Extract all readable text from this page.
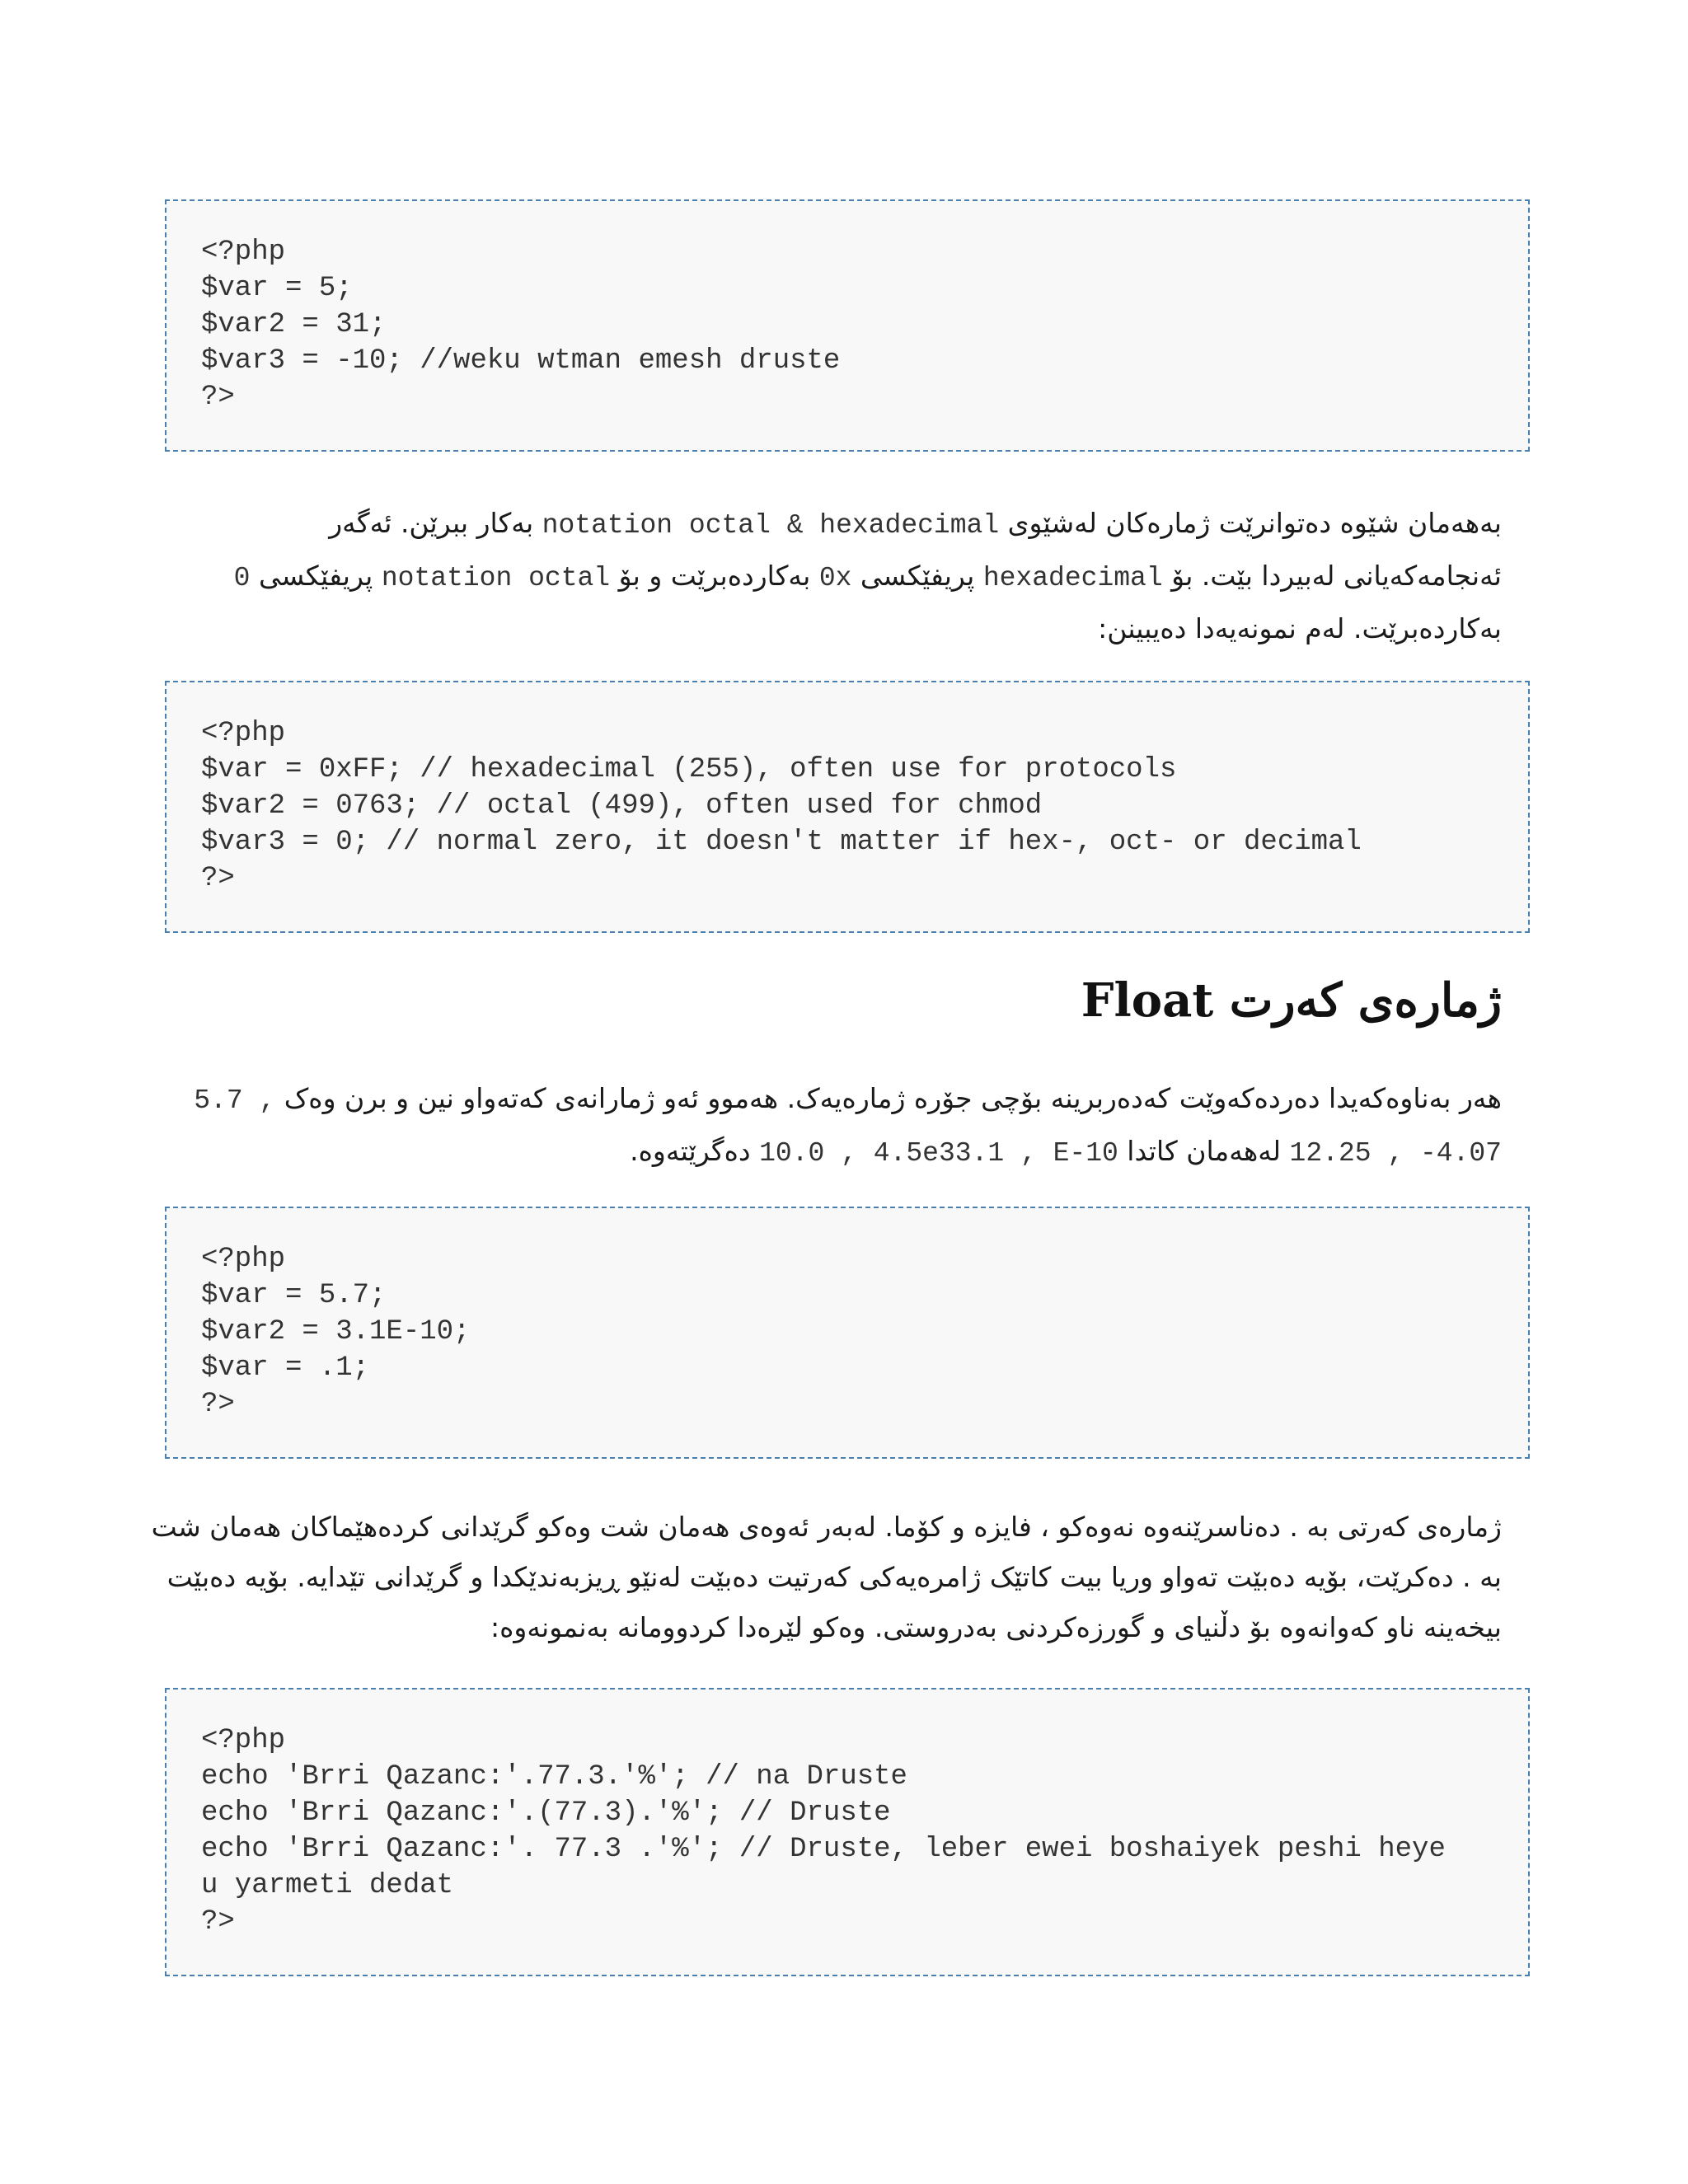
<?php
$var = 5;
$var2 = 31;
$var3 = -10; //weku wtman emesh druste
?>

بەهەمان شێوە دەتوانرێت ژمارەکان لەشێوی notation octal & hexadecimal بەکار ببرێن. ئەگەر

ئەنجامەکەیانی لەبیردا بێت. بۆ hexadecimal پریفێکسی 0x بەکاردەبرێت و بۆ notation octal پریفێکسی 0

بەکاردەبرێت. لەم نمونەیەدا دەیبینن:

<?php
$var = 0xFF; // hexadecimal (255), often use for protocols
$var2 = 0763; // octal (499), often used for chmod
$var3 = 0; // normal zero, it doesn't matter if hex-, oct- or decimal
?>
ژمارەی کەرت Float

هەر بەناوەکەیدا دەردەکەوێت کەدەربرینە بۆچی جۆرە ژمارەیەک. هەموو ئەو ژمارانەی کەتەواو نین و برن وەک 5.7 ,

12.25 , -4.07 لەهەمان کاتدا 10.0 , 4.5e33.1 , E-10 دەگرێتەوە.

<?php
$var = 5.7;
$var2 = 3.1E-10;
$var = .1;
?>

ژمارەی کەرتی بە . دەناسرێنەوە نەوەکو ، فایزە و کۆما. لەبەر ئەوەی هەمان شت وەکو گرێدانی کردەهێماکان هەمان شت

بە . دەکرێت، بۆیە دەبێت تەواو وریا بیت کاتێک ژامرەیەکی کەرتیت دەبێت لەنێو ڕیزبەندێکدا و گرێدانی تێدایە. بۆیە دەبێت

بیخەینە ناو کەوانەوە بۆ دڵنیای و گورزەکردنی بەدروستی. وەکو لێرەدا کردوومانە بەنمونەوە:

<?php
echo 'Brri Qazanc:'.77.3.'%'; // na Druste
echo 'Brri Qazanc:'.(77.3).'%'; // Druste
echo 'Brri Qazanc:'. 77.3 .'%'; // Druste, leber ewei boshaiyek peshi heye
u yarmeti dedat
?>
